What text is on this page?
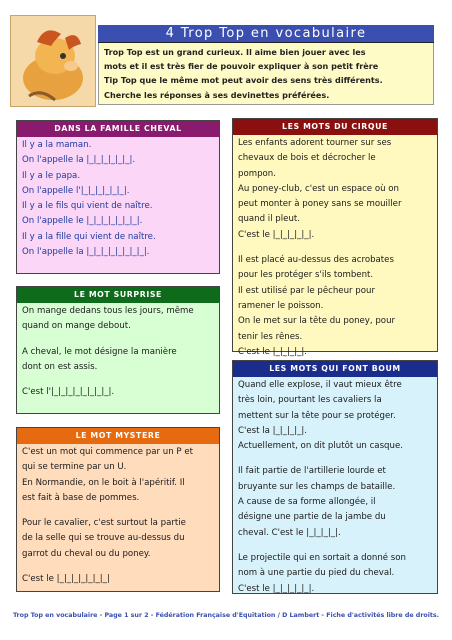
4 Trop Top en vocabulaire

Trop Top est un grand curieux. Il aime bien jouer avec les

mots et il est très fier de pouvoir expliquer à son petit frère

Tip Top que le même mot peut avoir des sens très différents.

Cherche les réponses à ses devinettes préférées.

DANS LA FAMILLE CHEVAL

Il y a la maman.

On l'appelle la |_|_|_|_|_|_|.

Il y a le papa.

On l'appelle l'|_|_|_|_|_|_|.

Il y a le fils qui vient de naître.

On l'appelle le |_|_|_|_|_|_|_|.

Il y a la fille qui vient de naître.

On l'appelle la |_|_|_|_|_|_|_|_|.

LE MOT SURPRISE

On mange dedans tous les jours, même

quand on mange debout.

A cheval, le mot désigne la manière

dont on est assis.

C'est l'|_|_|_|_|_|_|_|_|.

LE MOT MYSTERE

C'est un mot qui commence par un P et

qui se termine par un U.

En Normandie, on le boit à l'apéritif. Il

est fait à base de pommes.

Pour le cavalier, c'est surtout la partie

de la selle qui se trouve au-dessus du

garrot du cheval ou du poney.

C'est le |_|_|_|_|_|_|_|

LES MOTS DU CIRQUE

Les enfants adorent tourner sur ses

chevaux de bois et décrocher le

pompon.

Au poney-club, c'est un espace où on

peut monter à poney sans se mouiller

quand il pleut.

C'est le |_|_|_|_|_|.

Il est placé au-dessus des acrobates

pour les protéger s'ils tombent.

Il est utilisé par le pêcheur pour

ramener le poisson.

On le met sur la tête du poney, pour

tenir les rênes.

C'est le |_|_|_|_|.

LES MOTS QUI FONT BOUM

Quand elle explose, il vaut mieux être

très loin, pourtant les cavaliers la

mettent sur la tête pour se protéger.

C'est la |_|_|_|_|.

Actuellement, on dit plutôt un casque.

Il fait partie de l'artillerie lourde et

bruyante sur les champs de bataille.

A cause de sa forme allongée, il

désigne une partie de la jambe du

cheval. C'est le |_|_|_|_|.

Le projectile qui en sortait a donné son

nom à une partie du pied du cheval.

C'est le |_|_|_|_|_|.

Trop Top en vocabulaire - Page 1 sur 2 - Fédération Française d'Equitation / D Lambert - Fiche d'activités libre de droits.
